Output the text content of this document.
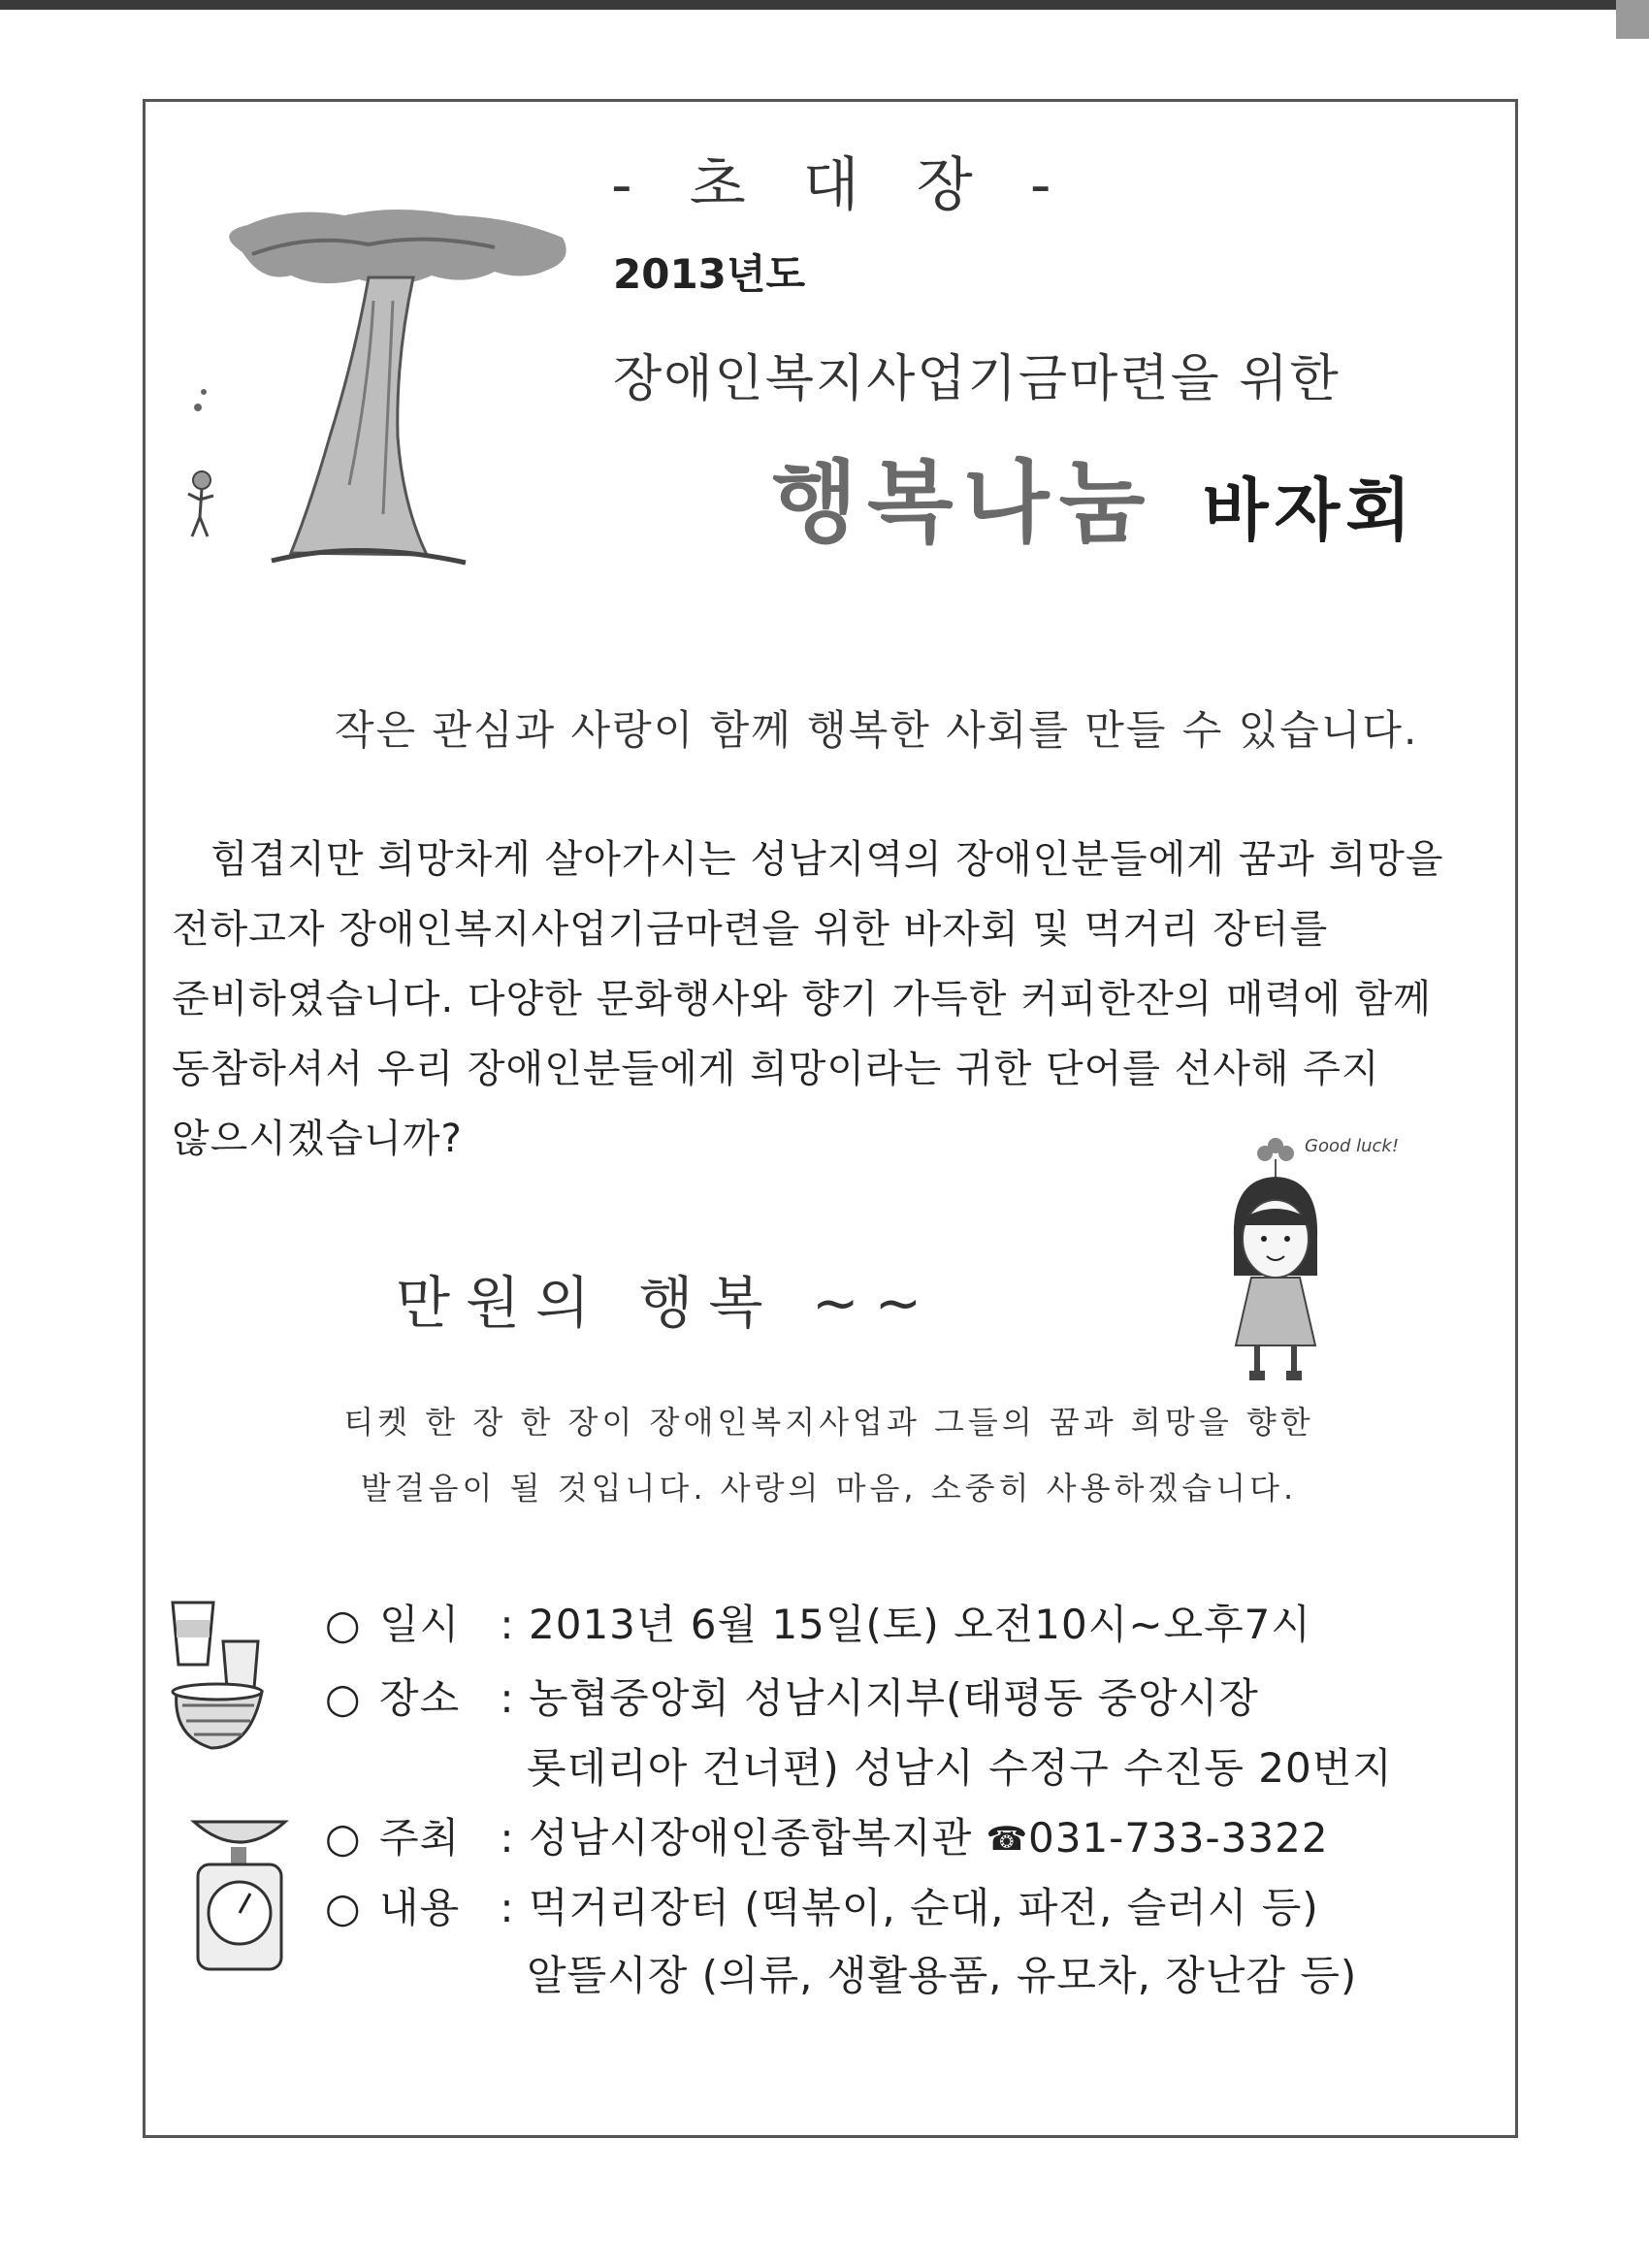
- 초 대 장 -

2013년도

장애인복지사업기금마련을 위한

행복나눔 바자회

작은 관심과 사랑이 함께 행복한 사회를 만들 수 있습니다.

힘겹지만 희망차게 살아가시는 성남지역의 장애인분들에게 꿈과 희망을 전하고자 장애인복지사업기금마련을 위한 바자회 및 먹거리 장터를 준비하였습니다. 다양한 문화행사와 향기 가득한 커피한잔의 매력에 함께 동참하셔서 우리 장애인분들에게 희망이라는 귀한 단어를 선사해 주지 않으시겠습니까?	Good luck!

만원의 행복 ~~

티켓 한 장 한 장이 장애인복지사업과 그들의 꿈과 희망을 향한
발걸음이 될 것입니다. 사랑의 마음, 소중히 사용하겠습니다.

○ 일시 : 2013년 6월 15일(토) 오전10시~오후7시

○ 장소 : 농협중앙회 성남시지부(태평동 중앙시장

롯데리아 건너편) 성남시 수정구 수진동 20번지

○ 주최 : 성남시장애인종합복지관 ☎031-733-3322

○ 내용 : 먹거리장터 (떡볶이, 순대, 파전, 슬러시 등)

알뜰시장 (의류, 생활용품, 유모차, 장난감 등)
